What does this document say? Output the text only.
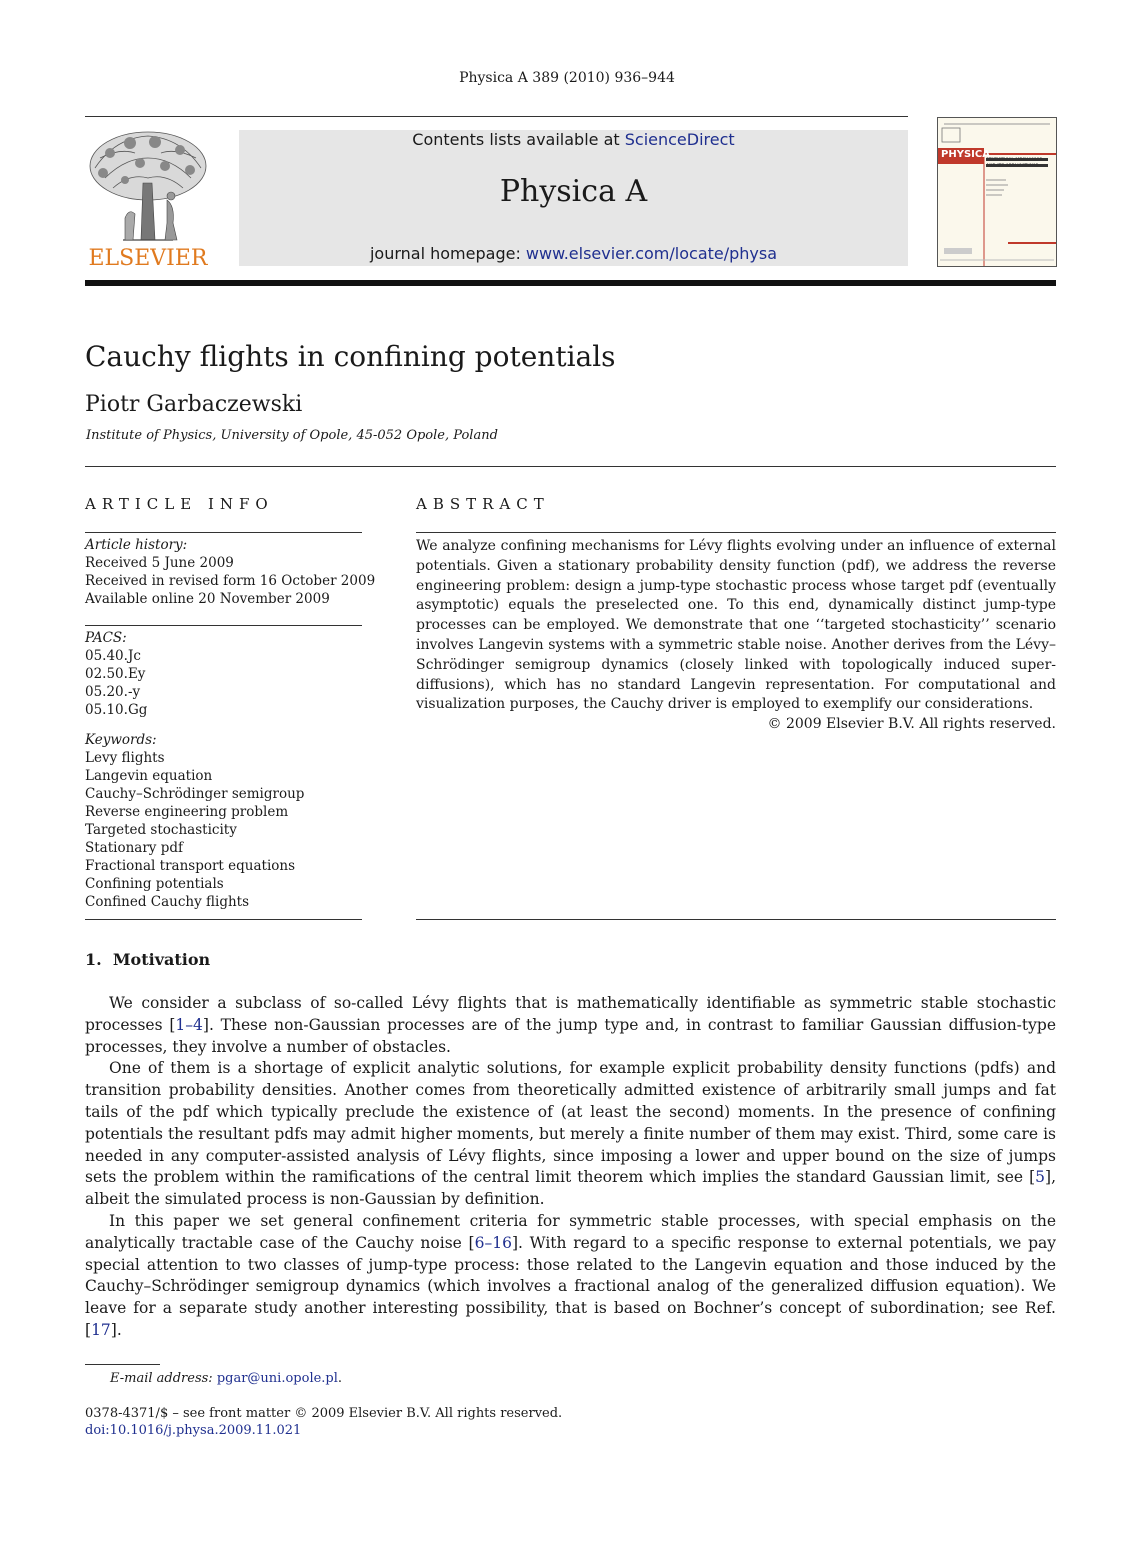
Physica A 389 (2010) 936–944
ELSEVIER
Contents lists available at ScienceDirect
Physica A
journal homepage: www.elsevier.com/locate/physa
PHYSICA
STATISTICAL MECHANICS
AND ITS APPLICATIONS
Cauchy flights in confining potentials
Piotr Garbaczewski
Institute of Physics, University of Opole, 45-052 Opole, Poland
ARTICLE INFO	ABSTRACT
Article history:
Received 5 June 2009
Received in revised form 16 October 2009
Available online 20 November 2009
PACS:
05.40.Jc
02.50.Ey
05.20.-y
05.10.Gg
Keywords:
Levy flights
Langevin equation
Cauchy–Schrödinger semigroup
Reverse engineering problem
Targeted stochasticity
Stationary pdf
Fractional transport equations
Confining potentials
Confined Cauchy flights
We analyze confining mechanisms for Lévy flights evolving under an influence of external potentials. Given a stationary probability density function (pdf), we address the reverse engineering problem: design a jump-type stochastic process whose target pdf (eventually asymptotic) equals the preselected one. To this end, dynamically distinct jump-type processes can be employed. We demonstrate that one ‘‘targeted stochasticity’’ scenario involves Langevin systems with a symmetric stable noise. Another derives from the Lévy–Schrödinger semigroup dynamics (closely linked with topologically induced super-diffusions), which has no standard Langevin representation. For computational and visualization purposes, the Cauchy driver is employed to exemplify our considerations.
© 2009 Elsevier B.V. All rights reserved.
1.  Motivation

We consider a subclass of so-called Lévy flights that is mathematically identifiable as symmetric stable stochastic processes [1–4]. These non-Gaussian processes are of the jump type and, in contrast to familiar Gaussian diffusion-type processes, they involve a number of obstacles.

One of them is a shortage of explicit analytic solutions, for example explicit probability density functions (pdfs) and transition probability densities. Another comes from theoretically admitted existence of arbitrarily small jumps and fat tails of the pdf which typically preclude the existence of (at least the second) moments. In the presence of confining potentials the resultant pdfs may admit higher moments, but merely a finite number of them may exist. Third, some care is needed in any computer-assisted analysis of Lévy flights, since imposing a lower and upper bound on the size of jumps sets the problem within the ramifications of the central limit theorem which implies the standard Gaussian limit, see [5], albeit the simulated process is non-Gaussian by definition.

In this paper we set general confinement criteria for symmetric stable processes, with special emphasis on the analytically tractable case of the Cauchy noise [6–16]. With regard to a specific response to external potentials, we pay special attention to two classes of jump-type process: those related to the Langevin equation and those induced by the Cauchy–Schrödinger semigroup dynamics (which involves a fractional analog of the generalized diffusion equation). We leave for a separate study another interesting possibility, that is based on Bochner’s concept of subordination; see Ref. [17].

E-mail address: pgar@uni.opole.pl.
0378-4371/$ – see front matter © 2009 Elsevier B.V. All rights reserved.
doi:10.1016/j.physa.2009.11.021
